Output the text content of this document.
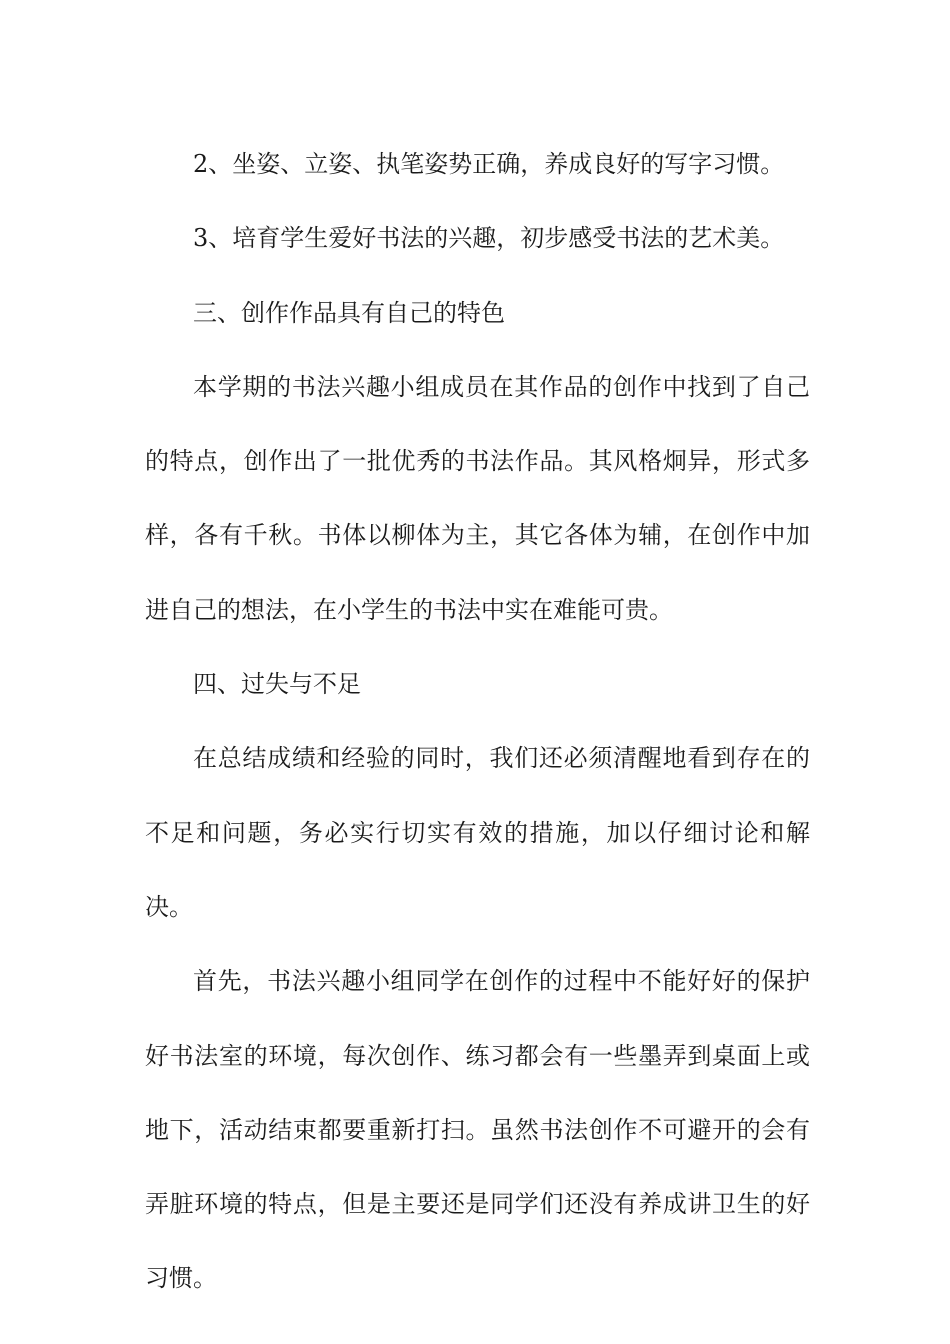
2、坐姿、立姿、执笔姿势正确，养成良好的写字习惯。

3、培育学生爱好书法的兴趣，初步感受书法的艺术美。

三、创作作品具有自己的特色

本学期的书法兴趣小组成员在其作品的创作中找到了自己的特点，创作出了一批优秀的书法作品。其风格炯异，形式多样，各有千秋。书体以柳体为主，其它各体为辅，在创作中加进自己的想法，在小学生的书法中实在难能可贵。

四、过失与不足

在总结成绩和经验的同时，我们还必须清醒地看到存在的不足和问题，务必实行切实有效的措施，加以仔细讨论和解决。

首先，书法兴趣小组同学在创作的过程中不能好好的保护好书法室的环境，每次创作、练习都会有一些墨弄到桌面上或地下，活动结束都要重新打扫。虽然书法创作不可避开的会有弄脏环境的特点，但是主要还是同学们还没有养成讲卫生的好习惯。
